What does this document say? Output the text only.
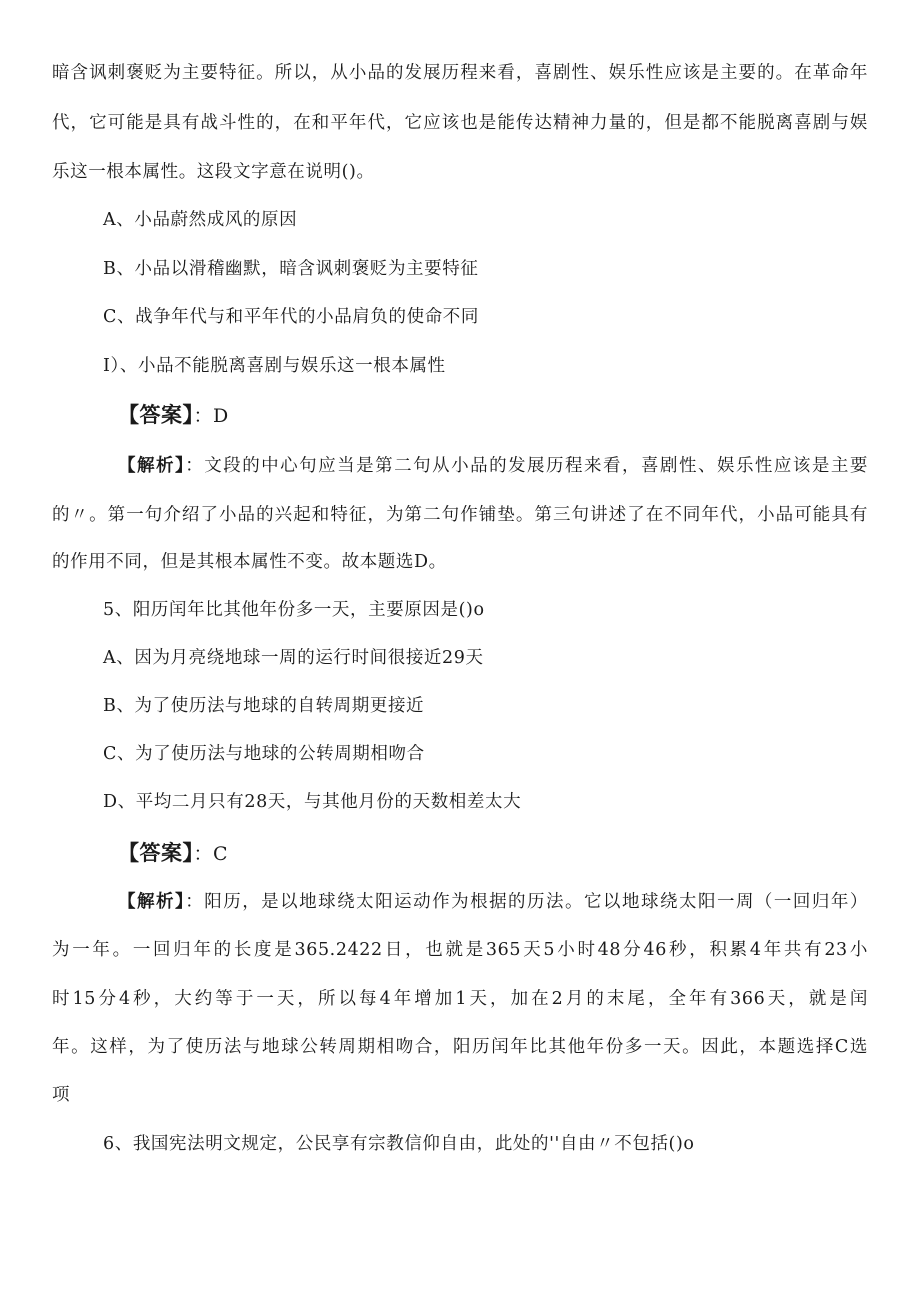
暗含讽刺褒贬为主要特征。所以，从小品的发展历程来看，喜剧性、娱乐性应该是主要的。在革命年
代，它可能是具有战斗性的，在和平年代，它应该也是能传达精神力量的，但是都不能脱离喜剧与娱
乐这一根本属性。这段文字意在说明()。
A、小品蔚然成风的原因
B、小品以滑稽幽默，暗含讽刺褒贬为主要特征
C、战争年代与和平年代的小品肩负的使命不同
I）、小品不能脱离喜剧与娱乐这一根本属性
【答案】：D
【解析】：文段的中心句应当是第二句从小品的发展历程来看，喜剧性、娱乐性应该是主要
的〃。第一句介绍了小品的兴起和特征，为第二句作铺垫。第三句讲述了在不同年代，小品可能具有
的作用不同，但是其根本属性不变。故本题选D。
5、阳历闰年比其他年份多一天，主要原因是()o
A、因为月亮绕地球一周的运行时间很接近29天
B、为了使历法与地球的自转周期更接近
C、为了使历法与地球的公转周期相吻合
D、平均二月只有28天，与其他月份的天数相差太大
【答案】：C
【解析】：阳历，是以地球绕太阳运动作为根据的历法。它以地球绕太阳一周（一回归年）
为一年。一回归年的长度是365.2422日，也就是365天5小时48分46秒，积累4年共有23小
时15分4秒，大约等于一天，所以每4年增加1天，加在2月的末尾，全年有366天，就是闰
年。这样，为了使历法与地球公转周期相吻合，阳历闰年比其他年份多一天。因此，本题选择C选
项
6、我国宪法明文规定，公民享有宗教信仰自由，此处的''自由〃不包括()o
